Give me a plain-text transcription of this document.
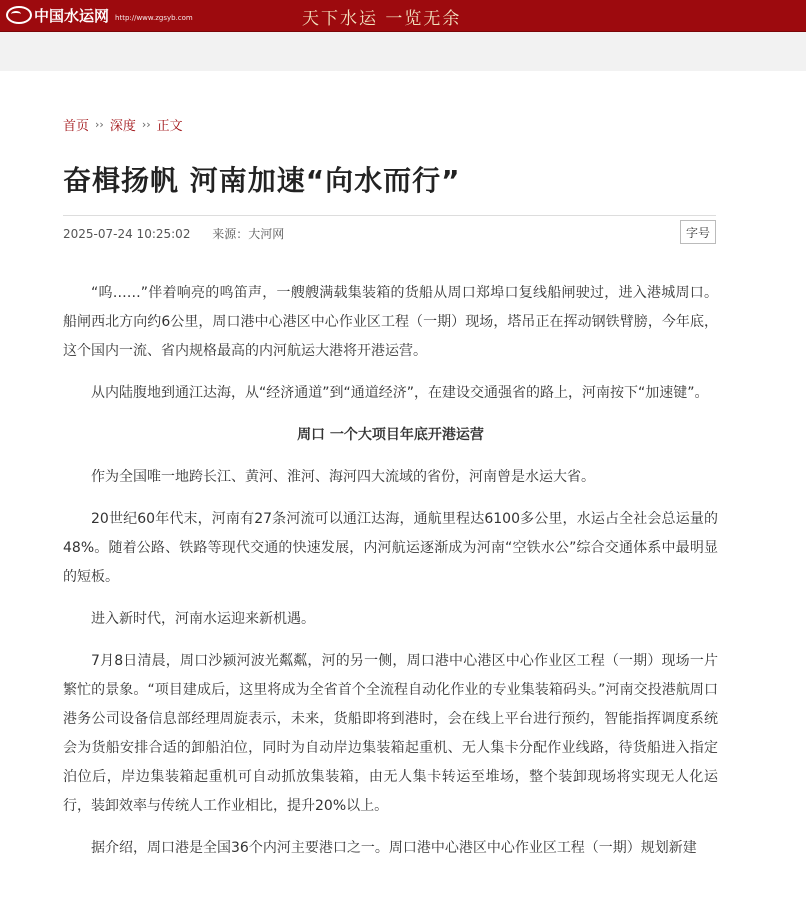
中国水运网 http://www.zgsyb.com	天下水运 一览无余
首页 ›› 深度 ›› 正文
奋楫扬帆 河南加速“向水而行”
2025-07-24 10:25:02 来源：大河网	字号

“呜……”伴着响亮的鸣笛声，一艘艘满载集装箱的货船从周口郑埠口复线船闸驶过，进入港城周口。船闸西北方向约6公里，周口港中心港区中心作业区工程（一期）现场，塔吊正在挥动钢铁臂膀，今年底，这个国内一流、省内规格最高的内河航运大港将开港运营。

从内陆腹地到通江达海，从“经济通道”到“通道经济”，在建设交通强省的路上，河南按下“加速键”。

周口 一个大项目年底开港运营

作为全国唯一地跨长江、黄河、淮河、海河四大流域的省份，河南曾是水运大省。

20世纪60年代末，河南有27条河流可以通江达海，通航里程达6100多公里，水运占全社会总运量的48%。随着公路、铁路等现代交通的快速发展，内河航运逐渐成为河南“空铁水公”综合交通体系中最明显的短板。

进入新时代，河南水运迎来新机遇。

7月8日清晨，周口沙颍河波光粼粼，河的另一侧，周口港中心港区中心作业区工程（一期）现场一片繁忙的景象。“项目建成后，这里将成为全省首个全流程自动化作业的专业集装箱码头。”河南交投港航周口港务公司设备信息部经理周旋表示，未来，货船即将到港时，会在线上平台进行预约，智能指挥调度系统会为货船安排合适的卸船泊位，同时为自动岸边集装箱起重机、无人集卡分配作业线路，待货船进入指定泊位后，岸边集装箱起重机可自动抓放集装箱，由无人集卡转运至堆场，整个装卸现场将实现无人化运行，装卸效率与传统人工作业相比，提升20%以上。

据介绍，周口港是全国36个内河主要港口之一。周口港中心港区中心作业区工程（一期）规划新建
